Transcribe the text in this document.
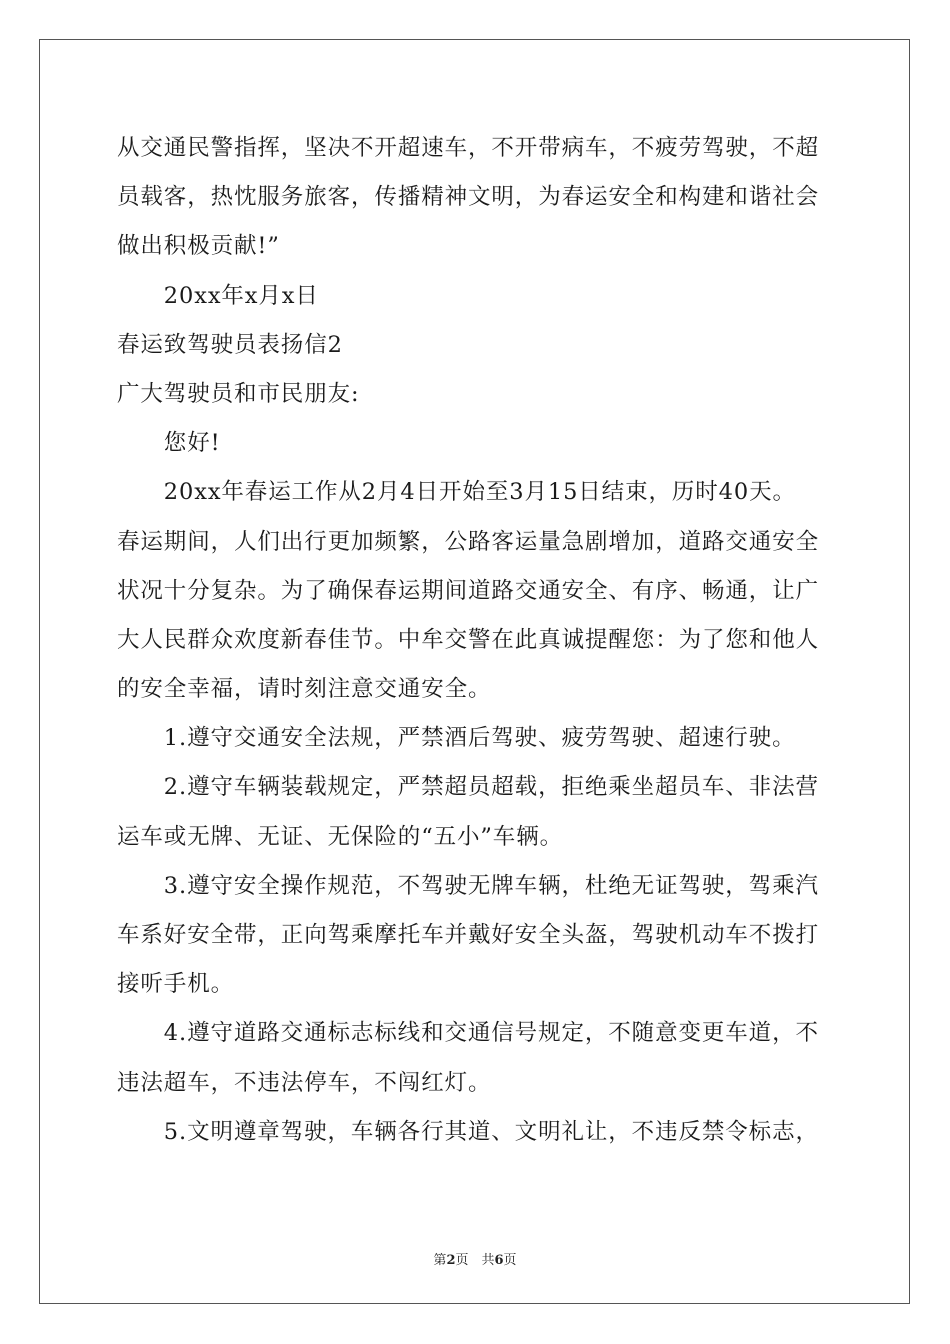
从交通民警指挥，坚决不开超速车，不开带病车，不疲劳驾驶，不超
员载客，热忱服务旅客，传播精神文明，为春运安全和构建和谐社会
做出积极贡献!”
　　20xx年x月x日
春运致驾驶员表扬信2
广大驾驶员和市民朋友:
　　您好!
　　20xx年春运工作从2月4日开始至3月15日结束，历时40天。
春运期间，人们出行更加频繁，公路客运量急剧增加，道路交通安全
状况十分复杂。为了确保春运期间道路交通安全、有序、畅通，让广
大人民群众欢度新春佳节。中牟交警在此真诚提醒您：为了您和他人
的安全幸福，请时刻注意交通安全。
　　1.遵守交通安全法规，严禁酒后驾驶、疲劳驾驶、超速行驶。
　　2.遵守车辆装载规定，严禁超员超载，拒绝乘坐超员车、非法营
运车或无牌、无证、无保险的“五小”车辆。
　　3.遵守安全操作规范，不驾驶无牌车辆，杜绝无证驾驶，驾乘汽
车系好安全带，正向驾乘摩托车并戴好安全头盔，驾驶机动车不拨打
接听手机。
　　4.遵守道路交通标志标线和交通信号规定，不随意变更车道，不
违法超车，不违法停车，不闯红灯。
　　5.文明遵章驾驶，车辆各行其道、文明礼让，不违反禁令标志，
第2页　共6页
